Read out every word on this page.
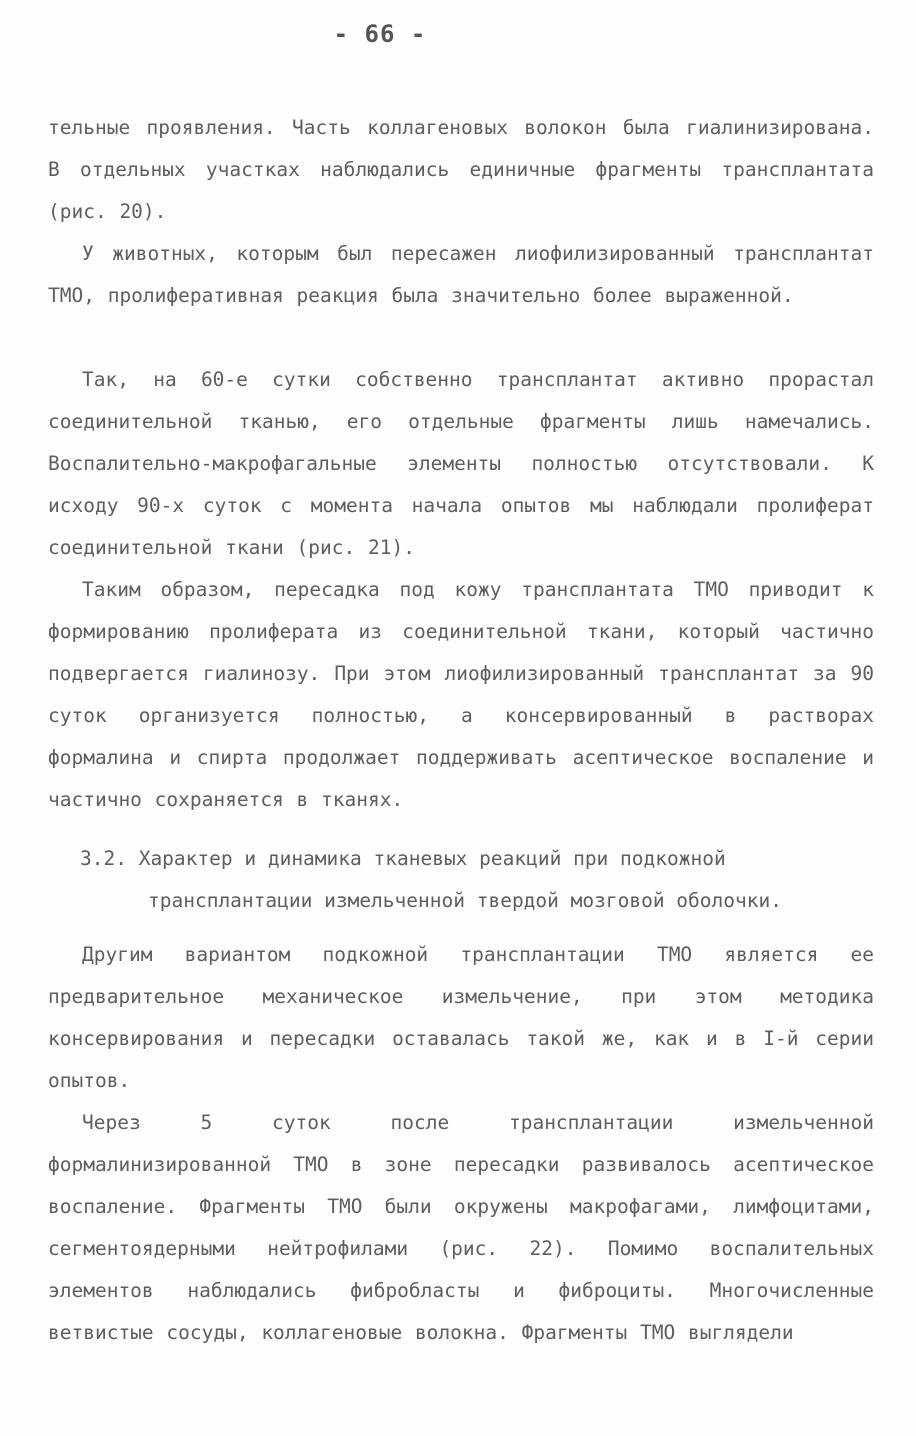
- 66 -

тельные проявления. Часть коллагеновых волокон была гиалинизирована. В отдельных участках наблюдались единичные фрагменты трансплантата (рис. 20).

У животных, которым был пересажен лиофилизированный трансплантат ТМО, пролиферативная реакция была значительно более выраженной.

Так, на 60-е сутки собственно трансплантат активно прорастал соединительной тканью, его отдельные фрагменты лишь намечались. Воспалительно-макрофагальные элементы полностью отсутствовали. К исходу 90-х суток с момента начала опытов мы наблюдали пролиферат соединительной ткани (рис. 21).

Таким образом, пересадка под кожу трансплантата ТМО приводит к формированию пролиферата из соединительной ткани, который частично подвергается гиалинозу. При этом лиофилизированный трансплантат за 90 суток организуется полностью, а консервированный в растворах формалина и спирта продолжает поддерживать асептическое воспаление и частично сохраняется в тканях.

3.2. Характер и динамика тканевых реакций при подкожной
трансплантации измельченной твердой мозговой оболочки.

Другим вариантом подкожной трансплантации ТМО является ее предварительное механическое измельчение, при этом методика консервирования и пересадки оставалась такой же, как и в I-й серии опытов.

Через 5 суток после трансплантации измельченной формалинизированной ТМО в зоне пересадки развивалось асептическое воспаление. Фрагменты ТМО были окружены макрофагами, лимфоцитами, сегментоядерными нейтрофилами (рис. 22). Помимо воспалительных элементов наблюдались фибробласты и фиброциты. Многочисленные ветвистые сосуды, коллагеновые волокна. Фрагменты ТМО выглядели
